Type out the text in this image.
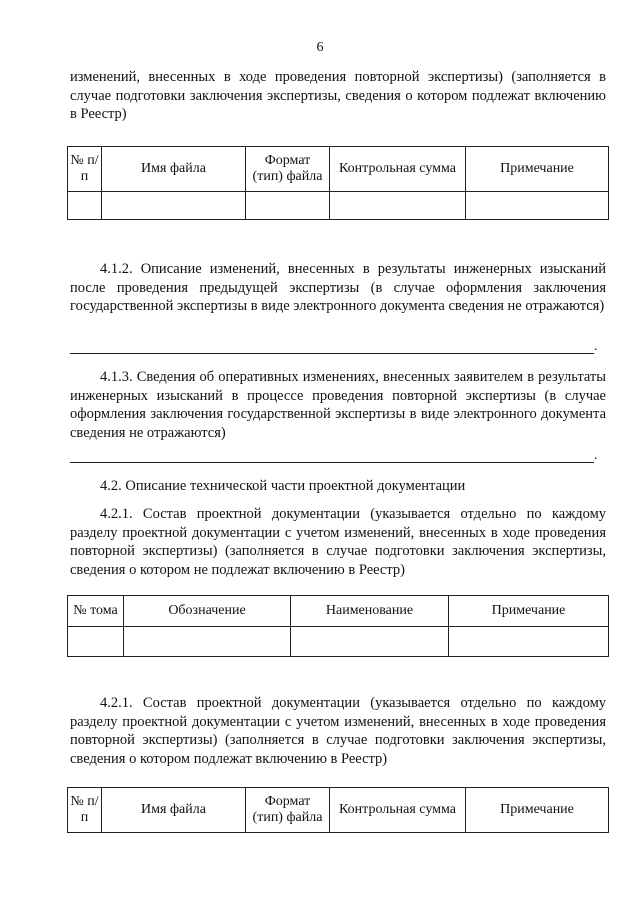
6

изменений, внесенных в ходе проведения повторной экспертизы) (заполняется в случае подготовки заключения экспертизы, сведения о котором подлежат включению в Реестр)

№ п/п	Имя файла	Формат (тип) файла	Контрольная сумма	Примечание

4.1.2. Описание изменений, внесенных в результаты инженерных изысканий после проведения предыдущей экспертизы (в случае оформления заключения государственной экспертизы в виде электронного документа сведения не отражаются)

.

4.1.3. Сведения об оперативных изменениях, внесенных заявителем в результаты инженерных изысканий в процессе проведения повторной экспертизы (в случае оформления заключения государственной экспертизы в виде электронного документа сведения не отражаются)

.

4.2. Описание технической части проектной документации

4.2.1. Состав проектной документации (указывается отдельно по каждому разделу проектной документации с учетом изменений, внесенных в ходе проведения повторной экспертизы) (заполняется в случае подготовки заключения экспертизы, сведения о котором не подлежат включению в Реестр)

№ тома	Обозначение	Наименование	Примечание

4.2.1. Состав проектной документации (указывается отдельно по каждому разделу проектной документации с учетом изменений, внесенных в ходе проведения повторной экспертизы) (заполняется в случае подготовки заключения экспертизы, сведения о котором подлежат включению в Реестр)

№ п/п	Имя файла	Формат (тип) файла	Контрольная сумма	Примечание
